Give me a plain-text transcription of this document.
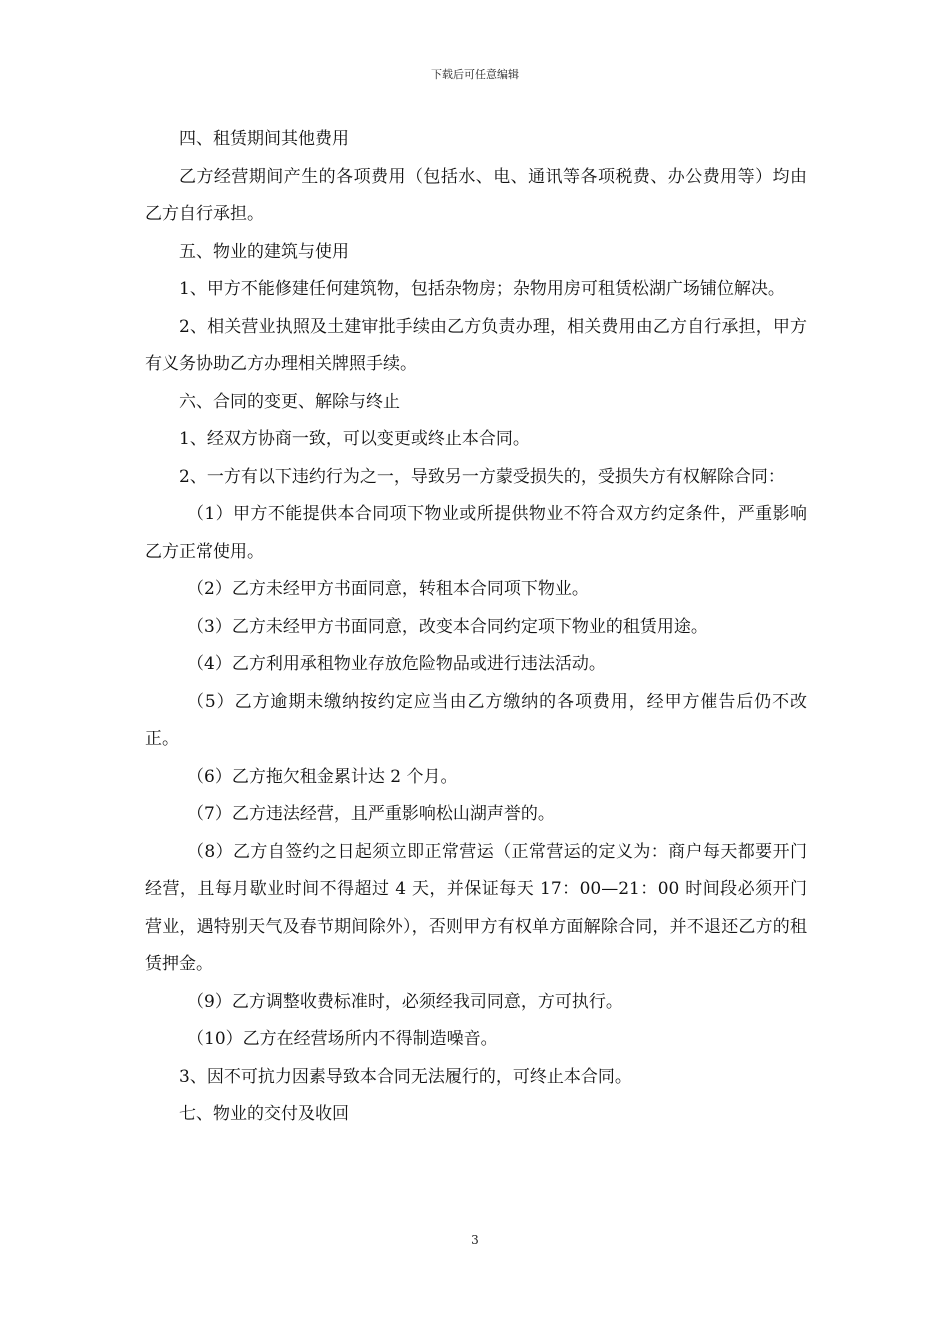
下载后可任意编辑

四、租赁期间其他费用

乙方经营期间产生的各项费用（包括水、电、通讯等各项税费、办公费用等）均由乙方自行承担。

五、物业的建筑与使用

1、甲方不能修建任何建筑物，包括杂物房；杂物用房可租赁松湖广场铺位解决。

2、相关营业执照及土建审批手续由乙方负责办理，相关费用由乙方自行承担，甲方有义务协助乙方办理相关牌照手续。

六、合同的变更、解除与终止

1、经双方协商一致，可以变更或终止本合同。

2、一方有以下违约行为之一，导致另一方蒙受损失的，受损失方有权解除合同：

（1）甲方不能提供本合同项下物业或所提供物业不符合双方约定条件，严重影响乙方正常使用。

（2）乙方未经甲方书面同意，转租本合同项下物业。

（3）乙方未经甲方书面同意，改变本合同约定项下物业的租赁用途。

（4）乙方利用承租物业存放危险物品或进行违法活动。

（5）乙方逾期未缴纳按约定应当由乙方缴纳的各项费用，经甲方催告后仍不改正。

（6）乙方拖欠租金累计达 2 个月。

（7）乙方违法经营，且严重影响松山湖声誉的。

（8）乙方自签约之日起须立即正常营运（正常营运的定义为：商户每天都要开门经营，且每月歇业时间不得超过 4 天，并保证每天 17：00—21：00 时间段必须开门营业，遇特别天气及春节期间除外），否则甲方有权单方面解除合同，并不退还乙方的租赁押金。

（9）乙方调整收费标准时，必须经我司同意，方可执行。

（10）乙方在经营场所内不得制造噪音。

3、因不可抗力因素导致本合同无法履行的，可终止本合同。

七、物业的交付及收回

3
